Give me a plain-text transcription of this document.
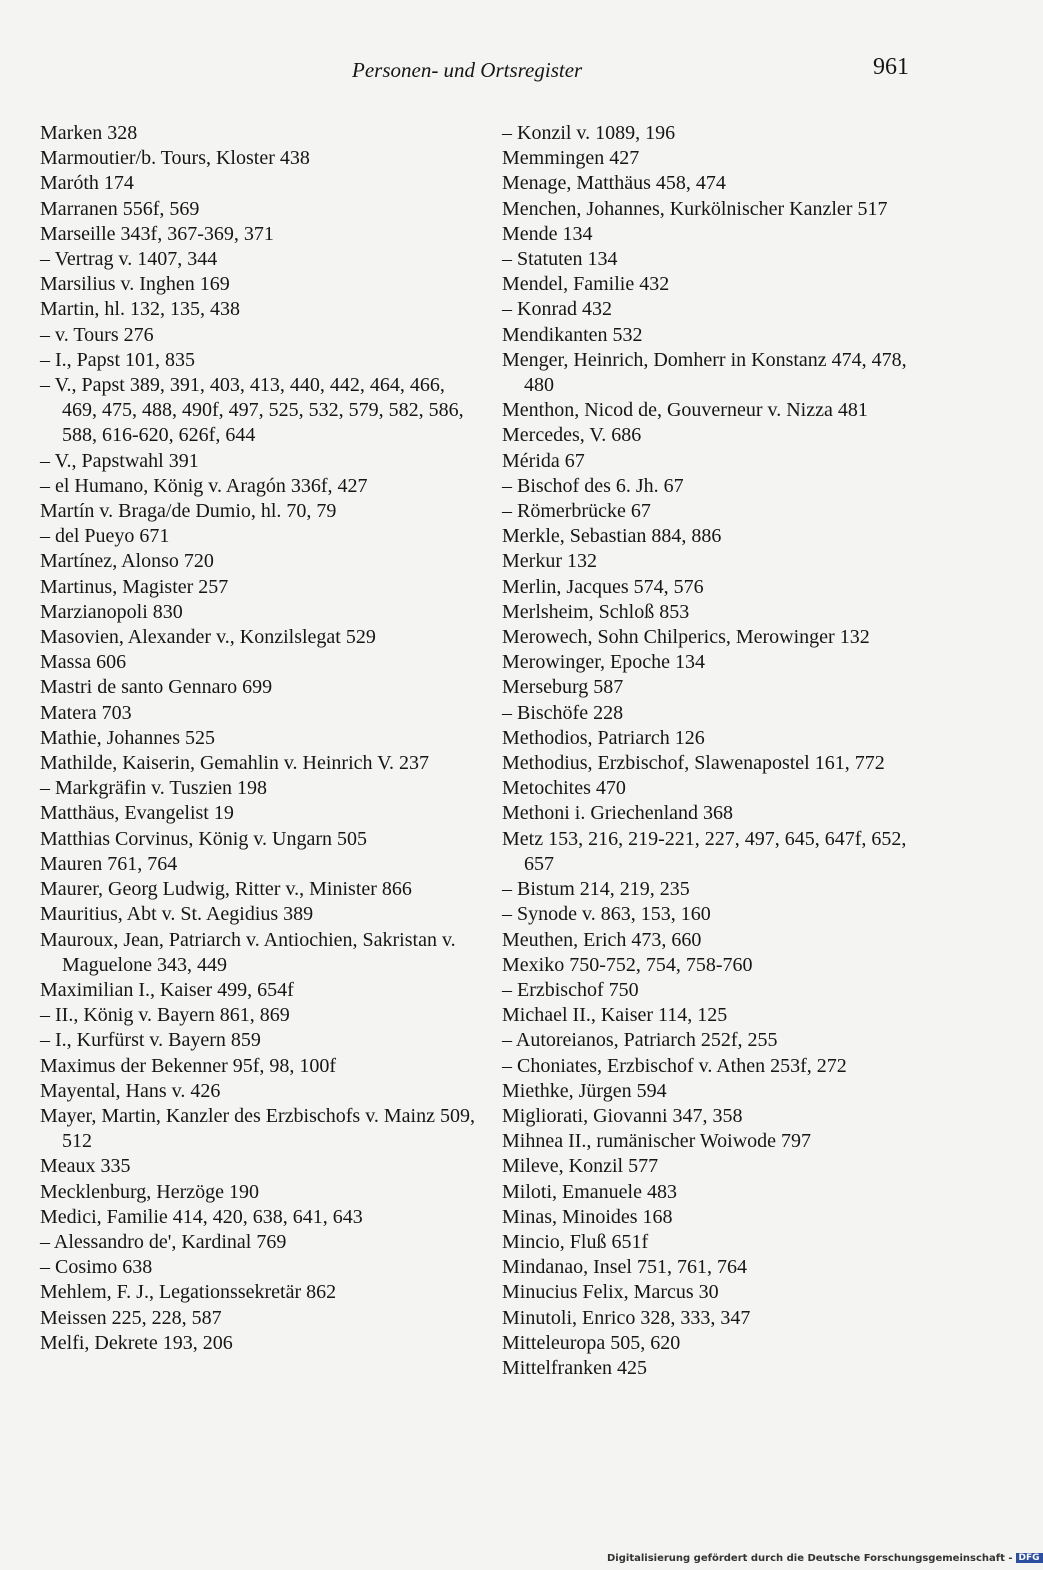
Personen- und Ortsregister	961
Marken 328
Marmoutier/b. Tours, Kloster 438
Maróth 174
Marranen 556f, 569
Marseille 343f, 367-369, 371
– Vertrag v. 1407, 344
Marsilius v. Inghen 169
Martin, hl. 132, 135, 438
– v. Tours 276
– I., Papst 101, 835
– V., Papst 389, 391, 403, 413, 440, 442, 464, 466, 469, 475, 488, 490f, 497, 525, 532, 579, 582, 586, 588, 616-620, 626f, 644
– V., Papstwahl 391
– el Humano, König v. Aragón 336f, 427
Martín v. Braga/de Dumio, hl. 70, 79
– del Pueyo 671
Martínez, Alonso 720
Martinus, Magister 257
Marzianopoli 830
Masovien, Alexander v., Konzilslegat 529
Massa 606
Mastri de santo Gennaro 699
Matera 703
Mathie, Johannes 525
Mathilde, Kaiserin, Gemahlin v. Heinrich V. 237
– Markgräfin v. Tuszien 198
Matthäus, Evangelist 19
Matthias Corvinus, König v. Ungarn 505
Mauren 761, 764
Maurer, Georg Ludwig, Ritter v., Minister 866
Mauritius, Abt v. St. Aegidius 389
Mauroux, Jean, Patriarch v. Antiochien, Sakristan v. Maguelone 343, 449
Maximilian I., Kaiser 499, 654f
– II., König v. Bayern 861, 869
– I., Kurfürst v. Bayern 859
Maximus der Bekenner 95f, 98, 100f
Mayental, Hans v. 426
Mayer, Martin, Kanzler des Erzbischofs v. Mainz 509, 512
Meaux 335
Mecklenburg, Herzöge 190
Medici, Familie 414, 420, 638, 641, 643
– Alessandro de', Kardinal 769
– Cosimo 638
Mehlem, F. J., Legationssekretär 862
Meissen 225, 228, 587
Melfi, Dekrete 193, 206
– Konzil v. 1089, 196
Memmingen 427
Menage, Matthäus 458, 474
Menchen, Johannes, Kurkölnischer Kanzler 517
Mende 134
– Statuten 134
Mendel, Familie 432
– Konrad 432
Mendikanten 532
Menger, Heinrich, Domherr in Konstanz 474, 478, 480
Menthon, Nicod de, Gouverneur v. Nizza 481
Mercedes, V. 686
Mérida 67
– Bischof des 6. Jh. 67
– Römerbrücke 67
Merkle, Sebastian 884, 886
Merkur 132
Merlin, Jacques 574, 576
Merlsheim, Schloß 853
Merowech, Sohn Chilperics, Merowinger 132
Merowinger, Epoche 134
Merseburg 587
– Bischöfe 228
Methodios, Patriarch 126
Methodius, Erzbischof, Slawenapostel 161, 772
Metochites 470
Methoni i. Griechenland 368
Metz 153, 216, 219-221, 227, 497, 645, 647f, 652, 657
– Bistum 214, 219, 235
– Synode v. 863, 153, 160
Meuthen, Erich 473, 660
Mexiko 750-752, 754, 758-760
– Erzbischof 750
Michael II., Kaiser 114, 125
– Autoreianos, Patriarch 252f, 255
– Choniates, Erzbischof v. Athen 253f, 272
Miethke, Jürgen 594
Migliorati, Giovanni 347, 358
Mihnea II., rumänischer Woiwode 797
Mileve, Konzil 577
Miloti, Emanuele 483
Minas, Minoides 168
Mincio, Fluß 651f
Mindanao, Insel 751, 761, 764
Minucius Felix, Marcus 30
Minutoli, Enrico 328, 333, 347
Mitteleuropa 505, 620
Mittelfranken 425
Digitalisierung gefördert durch die Deutsche Forschungsgemeinschaft - DFG
